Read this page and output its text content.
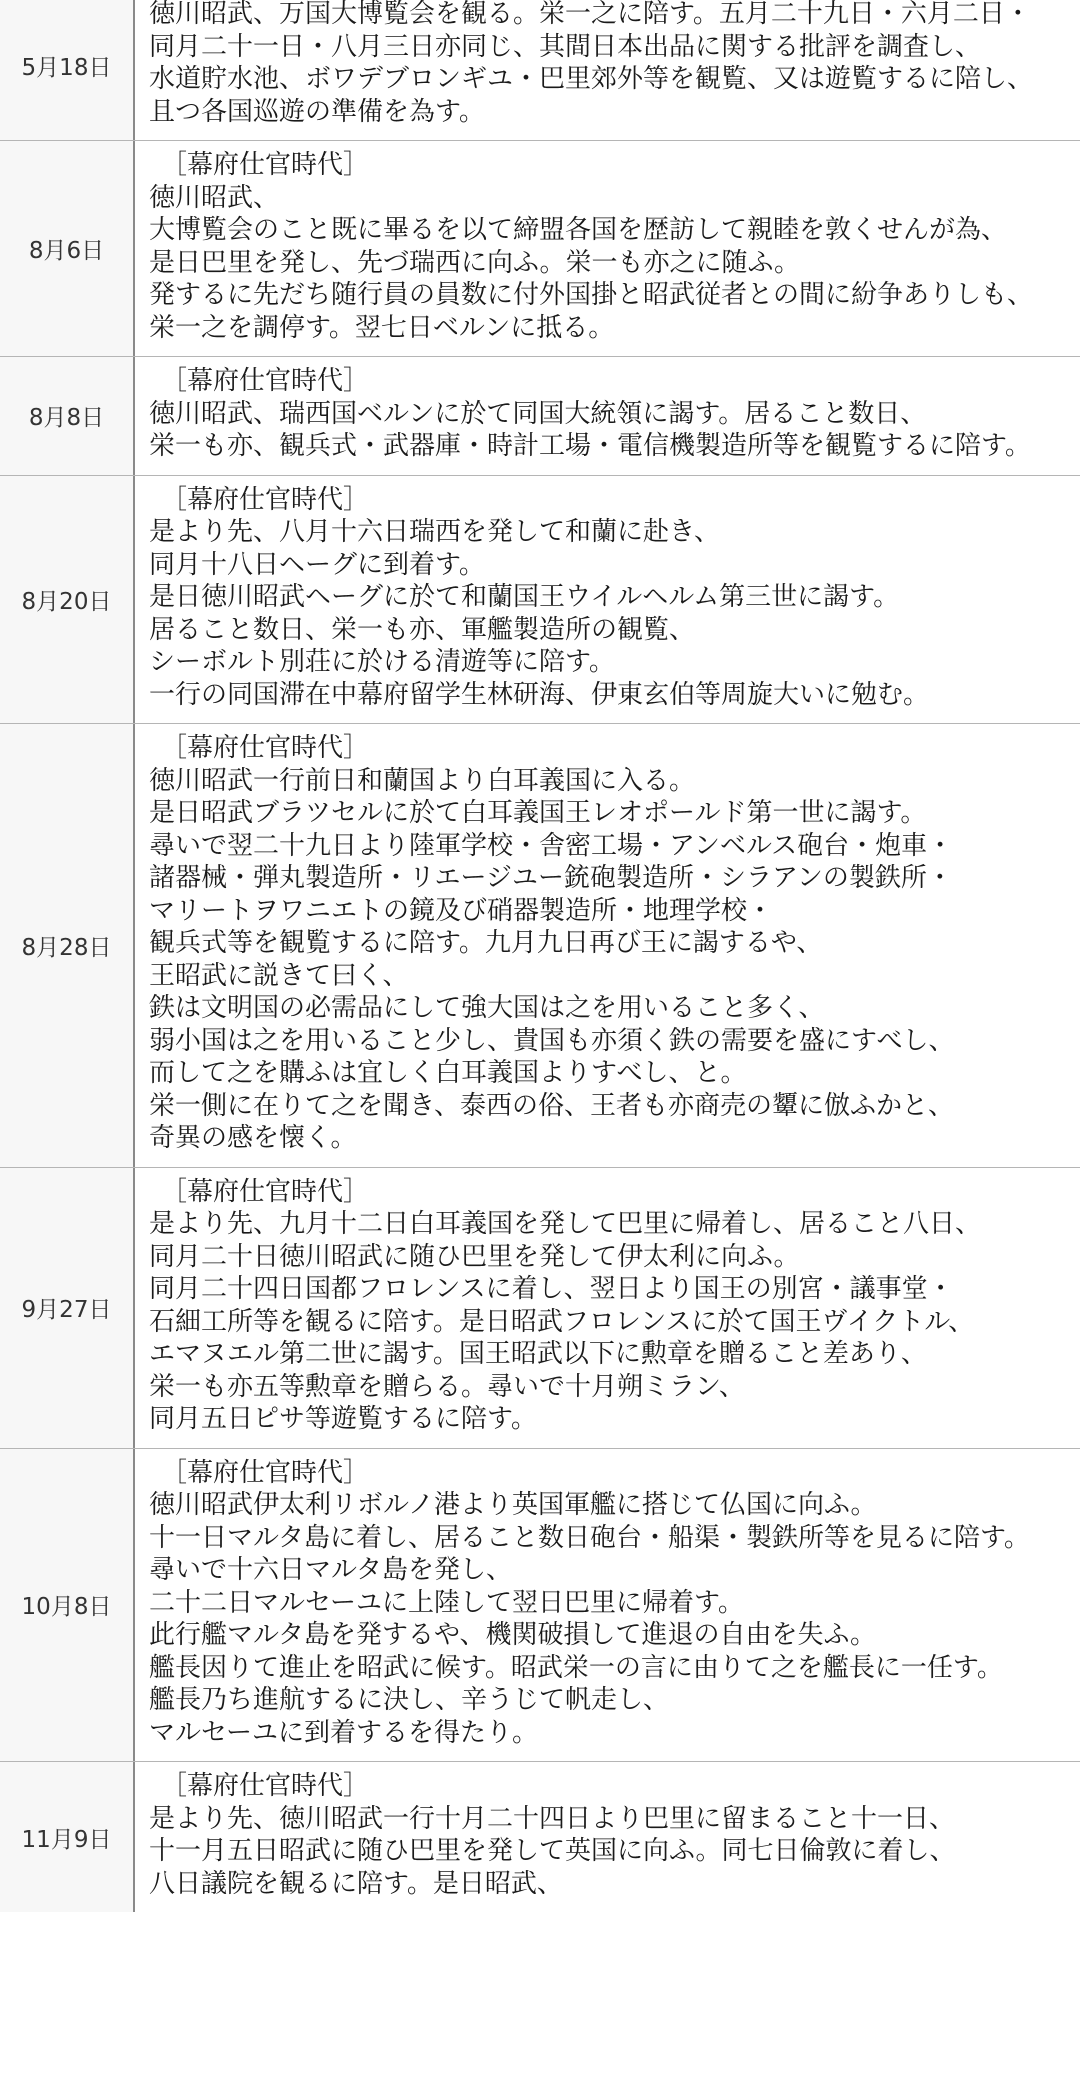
5月18日
徳川昭武、万国大博覧会を観る。栄一之に陪す。五月二十九日・六月二日・
同月二十一日・八月三日亦同じ、其間日本出品に関する批評を調査し、
水道貯水池、ボワデブロンギユ・巴里郊外等を観覧、又は遊覧するに陪し、
且つ各国巡遊の準備を為す。
8月6日
［幕府仕官時代］
徳川昭武、
大博覧会のこと既に畢るを以て締盟各国を歴訪して親睦を敦くせんが為、
是日巴里を発し、先づ瑞西に向ふ。栄一も亦之に随ふ。
発するに先だち随行員の員数に付外国掛と昭武従者との間に紛争ありしも、
栄一之を調停す。翌七日ベルンに抵る。
8月8日
［幕府仕官時代］
徳川昭武、瑞西国ベルンに於て同国大統領に謁す。居ること数日、
栄一も亦、観兵式・武器庫・時計工場・電信機製造所等を観覧するに陪す。
8月20日
［幕府仕官時代］
是より先、八月十六日瑞西を発して和蘭に赴き、
同月十八日ヘーグに到着す。
是日徳川昭武ヘーグに於て和蘭国王ウイルヘルム第三世に謁す。
居ること数日、栄一も亦、軍艦製造所の観覧、
シーボルト別荘に於ける清遊等に陪す。
一行の同国滞在中幕府留学生林研海、伊東玄伯等周旋大いに勉む。
8月28日
［幕府仕官時代］
徳川昭武一行前日和蘭国より白耳義国に入る。
是日昭武ブラツセルに於て白耳義国王レオポールド第一世に謁す。
尋いで翌二十九日より陸軍学校・舎密工場・アンベルス砲台・炮車・
諸器械・弾丸製造所・リエージユー銃砲製造所・シラアンの製鉄所・
マリートヲワニエトの鏡及び硝器製造所・地理学校・
観兵式等を観覧するに陪す。九月九日再び王に謁するや、
王昭武に説きて曰く、
鉄は文明国の必需品にして強大国は之を用いること多く、
弱小国は之を用いること少し、貴国も亦須く鉄の需要を盛にすべし、
而して之を購ふは宜しく白耳義国よりすべし、と。
栄一側に在りて之を聞き、泰西の俗、王者も亦商売の顰に倣ふかと、
奇異の感を懐く。
9月27日
［幕府仕官時代］
是より先、九月十二日白耳義国を発して巴里に帰着し、居ること八日、
同月二十日徳川昭武に随ひ巴里を発して伊太利に向ふ。
同月二十四日国都フロレンスに着し、翌日より国王の別宮・議事堂・
石細工所等を観るに陪す。是日昭武フロレンスに於て国王ヴイクトル、
エマヌエル第二世に謁す。国王昭武以下に勲章を贈ること差あり、
栄一も亦五等勲章を贈らる。尋いで十月朔ミラン、
同月五日ピサ等遊覧するに陪す。
10月8日
［幕府仕官時代］
徳川昭武伊太利リボルノ港より英国軍艦に搭じて仏国に向ふ。
十一日マルタ島に着し、居ること数日砲台・船渠・製鉄所等を見るに陪す。
尋いで十六日マルタ島を発し、
二十二日マルセーユに上陸して翌日巴里に帰着す。
此行艦マルタ島を発するや、機関破損して進退の自由を失ふ。
艦長因りて進止を昭武に候す。昭武栄一の言に由りて之を艦長に一任す。
艦長乃ち進航するに決し、辛うじて帆走し、
マルセーユに到着するを得たり。
11月9日
［幕府仕官時代］
是より先、徳川昭武一行十月二十四日より巴里に留まること十一日、
十一月五日昭武に随ひ巴里を発して英国に向ふ。同七日倫敦に着し、
八日議院を観るに陪す。是日昭武、
